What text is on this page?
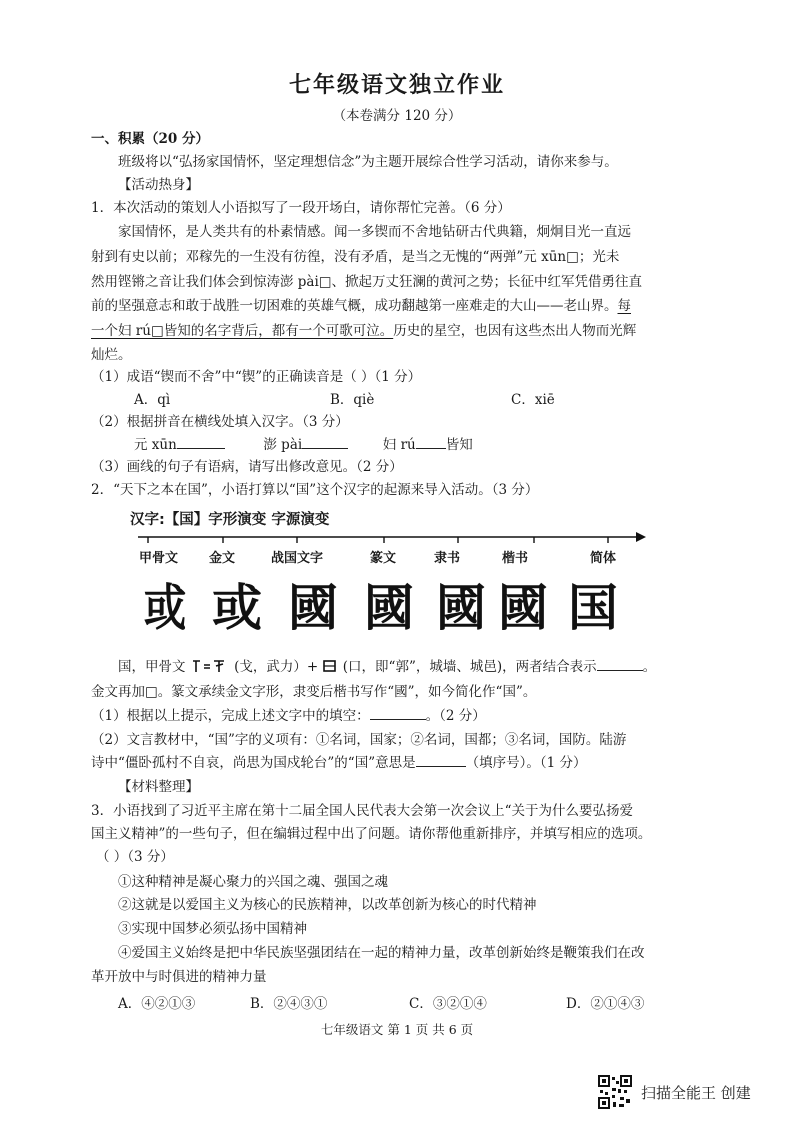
七年级语文独立作业
（本卷满分 120 分）
一、积累（20 分）
班级将以“弘扬家国情怀，坚定理想信念”为主题开展综合性学习活动，请你来参与。
【活动热身】
1．本次活动的策划人小语拟写了一段开场白，请你帮忙完善。（6 分）
家国情怀，是人类共有的朴素情感。闻一多锲而不舍地钻研古代典籍，炯炯目光一直远
射到有史以前；邓稼先的一生没有彷徨，没有矛盾，是当之无愧的“两弹”元 xūn□；光未
然用铿锵之音让我们体会到惊涛澎 pài□、掀起万丈狂澜的黄河之势；长征中红军凭借勇往直
前的坚强意志和敢于战胜一切困难的英雄气概，成功翻越第一座难走的大山——老山界。每
一个妇 rú□皆知的名字背后，都有一个可歌可泣。历史的星空，也因有这些杰出人物而光辉
灿烂。
（1）成语“锲而不舍”中“锲”的正确读音是（ ）（1 分）
A．qì	B．qiè	C．xiē
（2）根据拼音在横线处填入汉字。（3 分）
元 xūn	澎 pài	妇 rú 皆知
（3）画线的句子有语病，请写出修改意见。（2 分）
2．“天下之本在国”，小语打算以“国”这个汉字的起源来导入活动。（3 分）
汉字:【国】字形演变 字源演变
甲骨文 金文	战国文字	篆文	隶书	楷书	简体
或 或 國 國 國 國 国
国，甲骨文	(戈，武力）+ (口，即“郭”，城墙、城邑)，两者结合表示	。
金文再加□。篆文承续金文字形，隶变后楷书写作“國”，如今简化作“国”。
（1）根据以上提示，完成上述文字中的填空：	。（2 分）
（2）文言教材中，“国”字的义项有：①名词，国家；②名词，国都；③名词，国防。陆游
诗中“僵卧孤村不自哀，尚思为国戍轮台”的“国”意思是	（填序号）。（1 分）
【材料整理】
3．小语找到了习近平主席在第十二届全国人民代表大会第一次会议上“关于为什么要弘扬爱
国主义精神”的一些句子，但在编辑过程中出了问题。请你帮他重新排序，并填写相应的选项。
（ ）（3 分）
①这种精神是凝心聚力的兴国之魂、强国之魂
②这就是以爱国主义为核心的民族精神，以改革创新为核心的时代精神
③实现中国梦必须弘扬中国精神
④爱国主义始终是把中华民族坚强团结在一起的精神力量，改革创新始终是鞭策我们在改
革开放中与时俱进的精神力量
A．④②①③	B．②④③①	C．③②①④	D．②①④③
七年级语文 第 1 页 共 6 页
扫描全能王 创建
